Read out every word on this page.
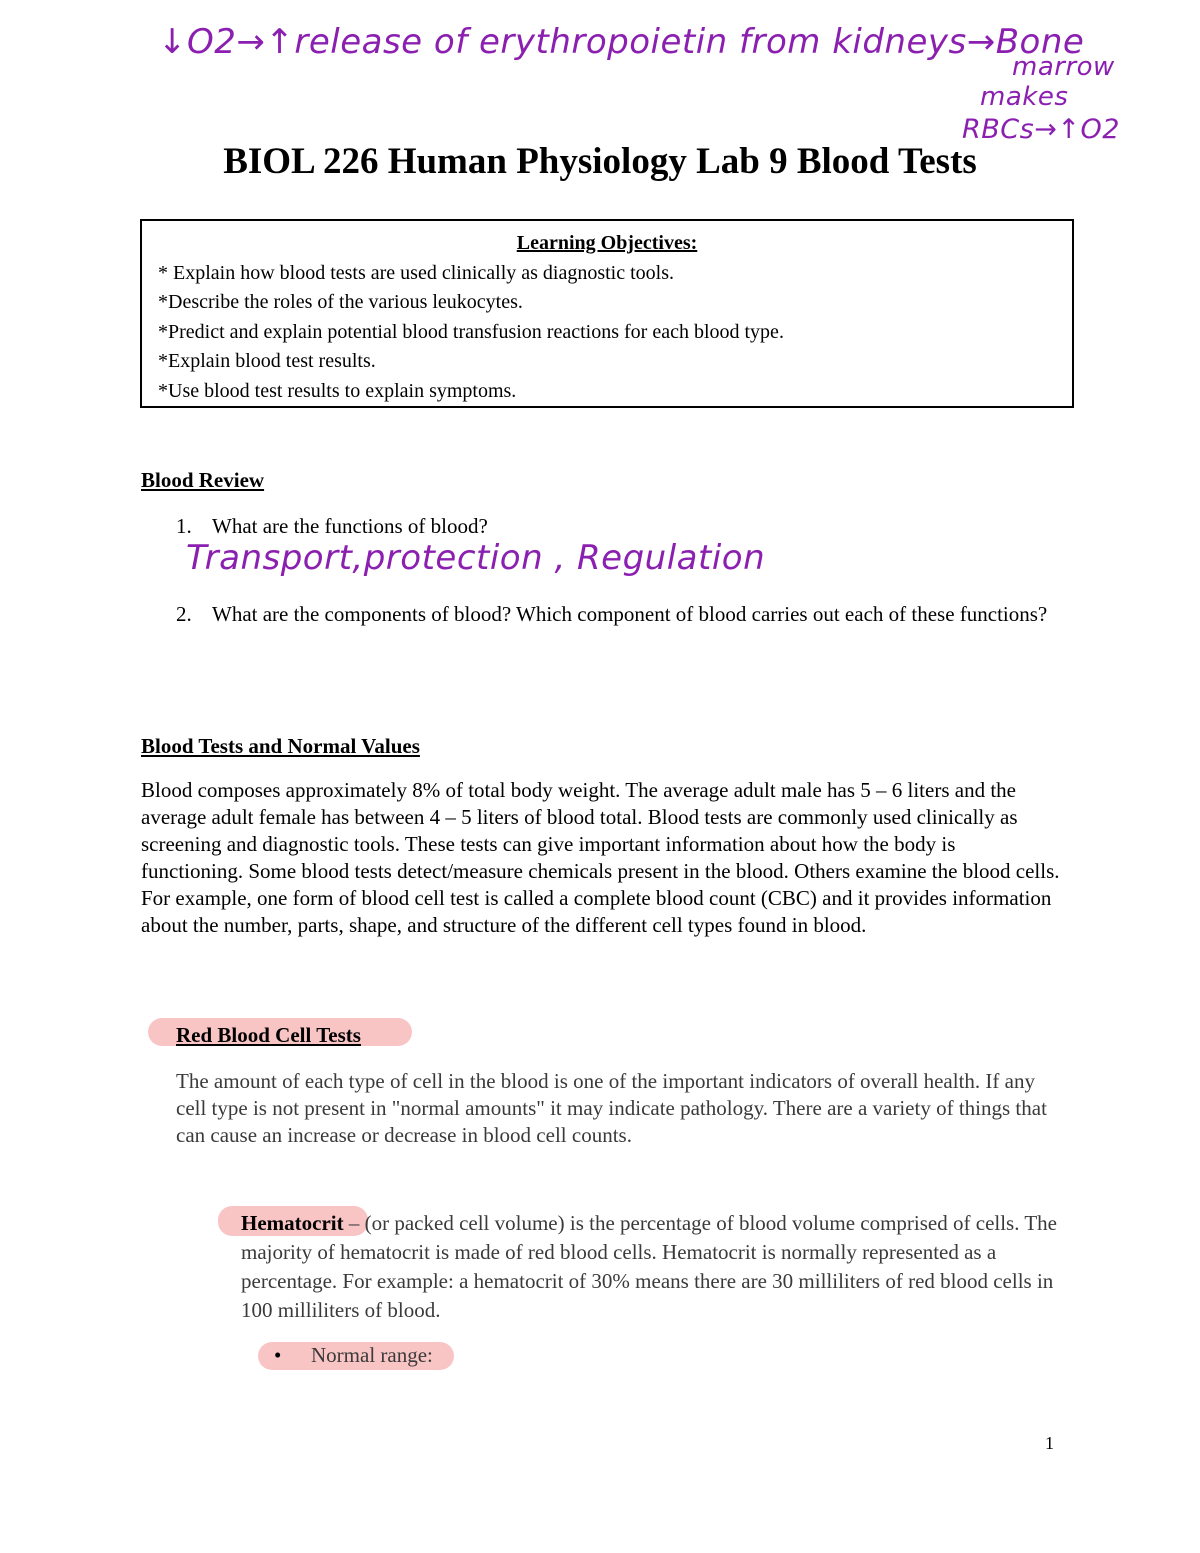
↓O2→↑release of erythropoietin from kidneys→Bone
marrow
makes
RBCs→↑O2
BIOL 226 Human Physiology Lab 9 Blood Tests
Learning Objectives:
* Explain how blood tests are used clinically as diagnostic tools.
*Describe the roles of the various leukocytes.
*Predict and explain potential blood transfusion reactions for each blood type.
*Explain blood test results.
*Use blood test results to explain symptoms.
Blood Review
1. What are the functions of blood?
Transport,protection , Regulation
2. What are the components of blood? Which component of blood carries out each of these functions?
Blood Tests and Normal Values

Blood composes approximately 8% of total body weight. The average adult male has 5 – 6 liters and the average adult female has between 4 – 5 liters of blood total. Blood tests are commonly used clinically as screening and diagnostic tools. These tests can give important information about how the body is functioning. Some blood tests detect/measure chemicals present in the blood. Others examine the blood cells. For example, one form of blood cell test is called a complete blood count (CBC) and it provides information about the number, parts, shape, and structure of the different cell types found in blood.

Red Blood Cell Tests

The amount of each type of cell in the blood is one of the important indicators of overall health. If any cell type is not present in "normal amounts" it may indicate pathology. There are a variety of things that can cause an increase or decrease in blood cell counts.

Hematocrit – (or packed cell volume) is the percentage of blood volume comprised of cells. The majority of hematocrit is made of red blood cells. Hematocrit is normally represented as a percentage. For example: a hematocrit of 30% means there are 30 milliliters of red blood cells in 100 milliliters of blood.

• Normal range:
1
